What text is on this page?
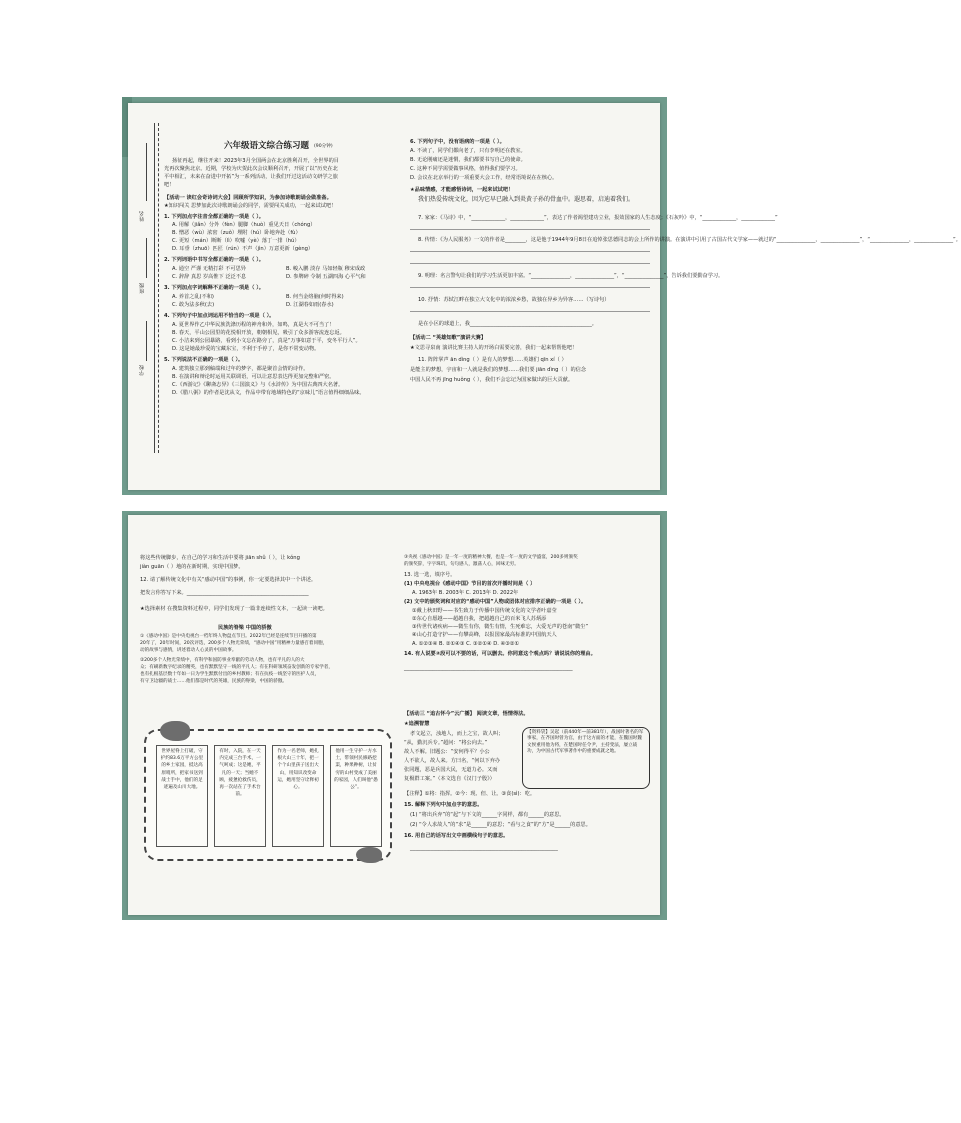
姓名
班级
学校
六年级语文综合练习题 (90分钟)
扬征再起，继往开来！2023年3月全国两会在北京胜利召开，全世界的目
光再次聚焦北京。近期，学校为庆贺此次会议顺利召开，开展了以“历史在北
平中相汇，未来在奋进中开拓”为一系列活动，让我们开过这活动文研学之旅
吧！
【活动一 读红会奇诗词大会】回顾所学知识，为参加诗歌朗诵会做准备。
★知识闯关 思梦加此次诗歌朗诵会的同学，需要闯关成功，一起来试试吧！
1. 下列加点字注音全都正确的一项是（ ）。
A. 用解（jiǎn）分外（fèn）腿脚（huò）重见天日（chóng）
B. 憎恶（wù）浓密（zuǒ）埋附（hú）卧地奔赴（fù）
C. 更短（mán）断断（lì）吹嘘（yè）落丁一排（hú）
D. 耳垂（zhuō）匹匠（rún）不声（jìn）万意更新（gèng）
2. 下列词语中书写全都正确的一项是（ ）。
A. 通空 严谨 无精打彩 不可思异	B. 峻入鹏 淡存 马如轻瓶 穆宋成政
C. 辞辞 真思 岁高惟下 泛泛不息	D. 参牌碎 令制 五湖四海 心平气和
3. 下列加点字词解释不正确的一项是（ ）。
A. 养首之乱(不和)	B. 何当金络脑(何时得来)
C. 敢为法多秋(去)	D. 江湖春如雨(春水)
4. 下列句子中加点词运用不恰当的一项是（ ）。
A. 夏世界作乙中华民族洗涤历程的神舟和外，如鸣，真是大不可当了！
B. 春天，平山公园里的花悦相开放，朝朝相见，吸引了众多游客流连忘返。
C. 小洁来到公园暴路，看到小文忘在路旁了，真是“万事如意于平，变冬平行人”。
D. 这是她最珍爱的宝藏东宝，不利于手停了，是你不常变动物。
5. 下列说法不正确的一项是（ ）。
A. 建筑独立那到稿端和过年的梦字，都是聚首会情的诗作。
B. 在演讲和辩论时运用关联调语，可以让意思表达得更加完整和严密。
C.《西游记》《聊斋志异》《三国演义》与《水浒传》为中国古典四大名著。
D.《腊八粥》的作者是沈从文，作品中带有地域特色的“京味儿”语言值得细细品味。
6. 下列句子中，没有语病的一项是（ ）。
A. 不读了，同学们都向老了，只有李明还在教室。
B. 无论刚痛还是迷惘，我们都要书写自己的使命。
C. 这种不同学需要做事风格，值得我们要学习。
D. 会议在北京举行的一项重要大会工作，经常语境说在在核心。
★品味情感，才能感悟诗词，一起来试试吧！
我们热爱传统文化，因为它早已融入到炎黄子孙的骨血中。遐思着，启迪着我们。
7. 家家：《马诗》中，“_____________，_____________”，表达了作者渴望建功立业，报效国家的人生态度；《石灰吟》中，“_____________，_____________”
8. 传情：《为人民服务》一文的作者是________，这是他于1944年9月8日在追悼张思德同志的会上所作的讲演。在演讲中引用了古国古代文学家——就过的“_______________，_______________”，“_______________，_______________”。
9. 明理：名言警句让我们的学习生活更加丰富。“_______________，_______________”，“_______________”，告诉我们要勤奋学习。
10. 抒情：苏轼江畔在独立大文化中的浓浓乡愁，故独在异乡为异客……（写诗句）
是在小区的球道上，我_______________________________________________。
【活动二 “英雄知歌”演讲大赛】
★文思寻泉南 演讲比赛主持人的开场白需要完善，我们一起来帮帮他吧！
11. 阵阵掌声 ān dìng（ ）是有人的梦想……英雄们 qīn xí（ ）
是能主的梦想，宇宙和一人就是我们的梦想……我们要 jiān dìng（ ）的信念
中国人民不再 jīng huǒng（ ），我们不会忘记为国家做出的巨大贡献。
将这些传统脚步，在自己的学习和生活中要将 jiān shǔ（ ），让 kǒng
jiàn guān（ ）地的在新时期，实现中国梦。
12. 请了解传统文化中有关“感动中国”的事例，你一定要选择其中一个讲述。
把发言你答写下来。_______________________________________________
★选择素材 在搜集资料过程中，同学们发现了一篇非连续性文本，一起读一读吧。
民族的脊梁 中国的骄傲
①《感动中国》是中央电视台一档年终人物盘点节目。2022年已经是连续节目开播的第
20年了，20年时间，20次评选，200多个人物光荣绩，“感动中国”用精神力量感召着同胞，
动的故事与感情，讲述着动人心灵的中国故事。
②200多个人物光荣绩中，有科学和国防事业奉献的劳动人物，也有平凡的人的大
众；有刷新数字纪录的精英，也有默默坚守一线的平凡人；有在科研领域奋发创新的专家学者，
也有扎根基层数十年如一日为学生默默付出的乡村教师；有在抗疫一线坚守的医护人员，
有守卫边疆的战士……他们都是时代的英雄，民族的脊梁，中国的骄傲。
世界屋脊上打破，守护约83.6万平方公里的乡土家园，抵达高原哨所，把家书送到战士手中，他们的足迹遍及山川大地。
有时，入院，在一天内完成三台手术，一气呵成；这是她，平凡的一天；当她不顾，疲惫抢救伤员，再一次站在了手术台前。
作为一名老师，她扎根大山三十年，把一个个山里孩子送出大山，用知识改变命运，她用坚守诠释初心。
他用一生守护一方水土，带领村民修路挖渠，种果种树，让贫穷的山村变成了美丽的家园，人们叫他“愚公”。
③央视《感动中国》是一年一度的精神大餐，也是一年一度的文学盛宴，200多则颁奖
的颁奖辞，字字珠玑，句句感人，激荡人心，回味无穷。
13. 选一选，填序号。
(1) 中央电视台《感动中国》节目的首次开播时间是（ ）
A. 1963年 B. 2003年 C. 2013年 D. 2022年
(2) 文中的颁奖词和对应的“感动中国”人物或团体对应排序正确的一项是（ ）。
①戴上秋田野——书生致力于传播中国传统文化的文学者叶嘉莹
②东心自愿越——超越自我，把超越自己的百米飞人苏炳添
③传世代诸疾病——微生有你，微生有情，生死难忘，大爱无声的苍南“微尘”
④山心打造守护——有攀高峰，以报国家最高标准的中国航天人
A. ①②③④ B. ②①④③ C. ③②①④ D. ④③②①
14. 有人说要②段可以不要的话，可以删去。你同意这个观点吗？请说说你的理由。
_________________________________________________________________
【活动三 “追古怀今”云广播】 阅读文章，悟情得法。
★追溯智慧
孝文起立，浊地人，而上之宝，故人叫；
“从，勤沉兵专。”超问：“将公向去。”
故人不解。旧题公：“安何得平？小公
人不欲人，故人来。方曰名，“何以下弃办
张同题，恶是兵国大民，无道力必。又而
复极群工案。”（本文选自《汉门子殷》）
【资料袋】吴起（前440年—前381年），战国时著名的军事家，在齐国时曾为官，由于这方面的才能，在魏国时魏文侯重用他为将，在楚国时任令尹，主持变法，屡立战功，为中国古代军事著作中的重要成就之地。
【注释】①将：指挥。②今：现、但、让。③食(sì)：吃。
15. 解释下列句中加点字的意思。
(1) “将出兵弃”的“起”与下文的______字同样，都有______的意思。
(2) “令人求故人”的“求”是______的意思；“看与之食”的“方”是______的意思。
16. 用自己的话写出文中画横线句子的意思。
_________________________________________________________
